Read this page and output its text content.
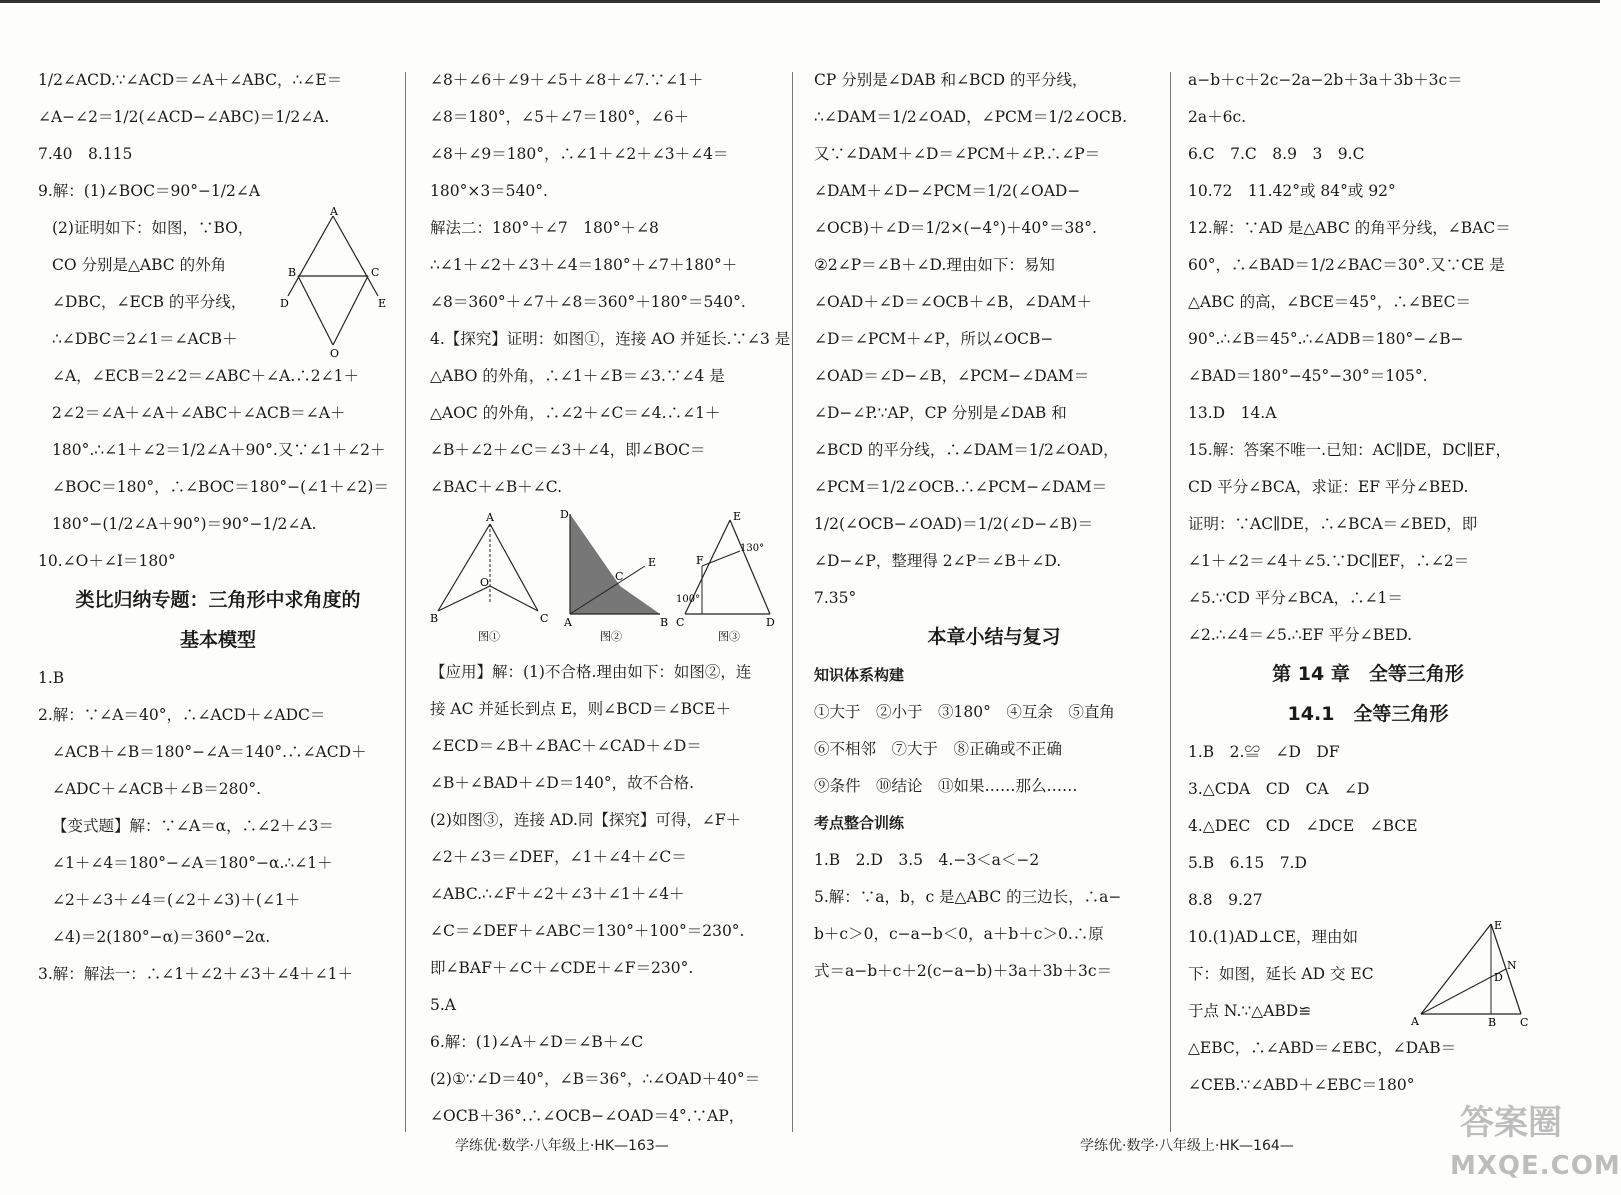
1/2∠ACD.∵∠ACD＝∠A＋∠ABC，∴∠E＝
∠A−∠2＝1/2(∠ACD−∠ABC)＝1/2∠A.
7.40　8.115
9.解：(1)∠BOC＝90°−1/2∠A
A
B	C
D	E
O
(2)证明如下：如图，∵BO，
CO 分别是△ABC 的外角
∠DBC，∠ECB 的平分线，
∴∠DBC＝2∠1＝∠ACB＋
∠A，∠ECB＝2∠2＝∠ABC＋∠A.∴2∠1＋
2∠2＝∠A＋∠A＋∠ABC＋∠ACB＝∠A＋
180°.∴∠1＋∠2＝1/2∠A＋90°.又∵∠1＋∠2＋
∠BOC＝180°，∴∠BOC＝180°−(∠1＋∠2)＝
180°−(1/2∠A＋90°)＝90°−1/2∠A.
10.∠O＋∠I＝180°
类比归纳专题：三角形中求角度的
基本模型
1.B
2.解：∵∠A＝40°，∴∠ACD＋∠ADC＝
∠ACB＋∠B＝180°−∠A＝140°.∴∠ACD＋
∠ADC＋∠ACB＋∠B＝280°.
【变式题】解：∵∠A＝α，∴∠2＋∠3＝
∠1＋∠4＝180°−∠A＝180°−α.∴∠1＋
∠2＋∠3＋∠4＝(∠2＋∠3)＋(∠1＋
∠4)＝2(180°−α)＝360°−2α.
3.解：解法一：∴∠1＋∠2＋∠3＋∠4＋∠1＋
∠8＋∠6＋∠9＋∠5＋∠8＋∠7.∵∠1＋
∠8＝180°，∠5＋∠7＝180°，∠6＋
∠8＋∠9＝180°，∴∠1＋∠2＋∠3＋∠4＝
180°×3＝540°.
解法二：180°＋∠7　180°＋∠8
∴∠1＋∠2＋∠3＋∠4＝180°＋∠7＋180°＋
∠8＝360°＋∠7＋∠8＝360°＋180°＝540°.
4.【探究】证明：如图①，连接 AO 并延长.∵∠3 是
△ABO 的外角，∴∠1＋∠B＝∠3.∵∠4 是
△AOC 的外角，∴∠2＋∠C＝∠4.∴∠1＋
∠B＋∠2＋∠C＝∠3＋∠4，即∠BOC＝
∠BAC＋∠B＋∠C.
A
B	C
O
图①
D
A	B
C
E
图②
E
C	D
F
130°
100°
图③
【应用】解：(1)不合格.理由如下：如图②，连
接 AC 并延长到点 E，则∠BCD＝∠BCE＋
∠ECD＝∠B＋∠BAC＋∠CAD＋∠D＝
∠B＋∠BAD＋∠D＝140°，故不合格.
(2)如图③，连接 AD.同【探究】可得，∠F＋
∠2＋∠3＝∠DEF，∠1＋∠4＋∠C＝
∠ABC.∴∠F＋∠2＋∠3＋∠1＋∠4＋
∠C＝∠DEF＋∠ABC＝130°＋100°＝230°.
即∠BAF＋∠C＋∠CDE＋∠F＝230°.
5.A
6.解：(1)∠A＋∠D＝∠B＋∠C
(2)①∵∠D＝40°，∠B＝36°，∴∠OAD＋40°＝
∠OCB＋36°.∴∠OCB−∠OAD＝4°.∵AP，
CP 分别是∠DAB 和∠BCD 的平分线，
∴∠DAM＝1/2∠OAD，∠PCM＝1/2∠OCB.
又∵∠DAM＋∠D＝∠PCM＋∠P.∴∠P＝
∠DAM＋∠D−∠PCM＝1/2(∠OAD−
∠OCB)＋∠D＝1/2×(−4°)＋40°＝38°.
②2∠P＝∠B＋∠D.理由如下：易知
∠OAD＋∠D＝∠OCB＋∠B，∠DAM＋
∠D＝∠PCM＋∠P，所以∠OCB−
∠OAD＝∠D−∠B，∠PCM−∠DAM＝
∠D−∠P.∵AP，CP 分别是∠DAB 和
∠BCD 的平分线，∴∠DAM＝1/2∠OAD，
∠PCM＝1/2∠OCB.∴∠PCM−∠DAM＝
1/2(∠OCB−∠OAD)＝1/2(∠D−∠B)＝
∠D−∠P，整理得 2∠P＝∠B＋∠D.
7.35°
本章小结与复习
知识体系构建
①大于　②小于　③180°　④互余　⑤直角
⑥不相邻　⑦大于　⑧正确或不正确
⑨条件　⑩结论　⑪如果……那么……
考点整合训练
1.B　2.D　3.5　4.−3＜a＜−2
5.解：∵a，b，c 是△ABC 的三边长，∴a−
b＋c＞0，c−a−b＜0，a＋b＋c＞0.∴原
式＝a−b＋c＋2(c−a−b)＋3a＋3b＋3c＝
a−b＋c＋2c−2a−2b＋3a＋3b＋3c＝
2a＋6c.
6.C　7.C　8.9　3　9.C
10.72　11.42°或 84°或 92°
12.解：∵AD 是△ABC 的角平分线，∠BAC＝
60°，∴∠BAD＝1/2∠BAC＝30°.又∵CE 是
△ABC 的高，∠BCE＝45°，∴∠BEC＝
90°.∴∠B＝45°.∴∠ADB＝180°−∠B−
∠BAD＝180°−45°−30°＝105°.
13.D　14.A
15.解：答案不唯一.已知：AC∥DE，DC∥EF，
CD 平分∠BCA，求证：EF 平分∠BED.
证明：∵AC∥DE，∴∠BCA＝∠BED，即
∠1＋∠2＝∠4＋∠5.∵DC∥EF，∴∠2＝
∠5.∵CD 平分∠BCA，∴∠1＝
∠2.∴∠4＝∠5.∴EF 平分∠BED.
第 14 章　全等三角形
14.1　全等三角形
1.B　2.≌　∠D　DF
3.△CDA　CD　CA　∠D
4.△DEC　CD　∠DCE　∠BCE
5.B　6.15　7.D
8.8　9.27
E
A	B C
D
N
10.(1)AD⊥CE，理由如
下：如图，延长 AD 交 EC
于点 N.∵△ABD≌
△EBC，∴∠ABD＝∠EBC，∠DAB＝
∠CEB.∵∠ABD＋∠EBC＝180°
学练优·数学·八年级上·HK—163—	学练优·数学·八年级上·HK—164—
答案圈
MXQE.COM
